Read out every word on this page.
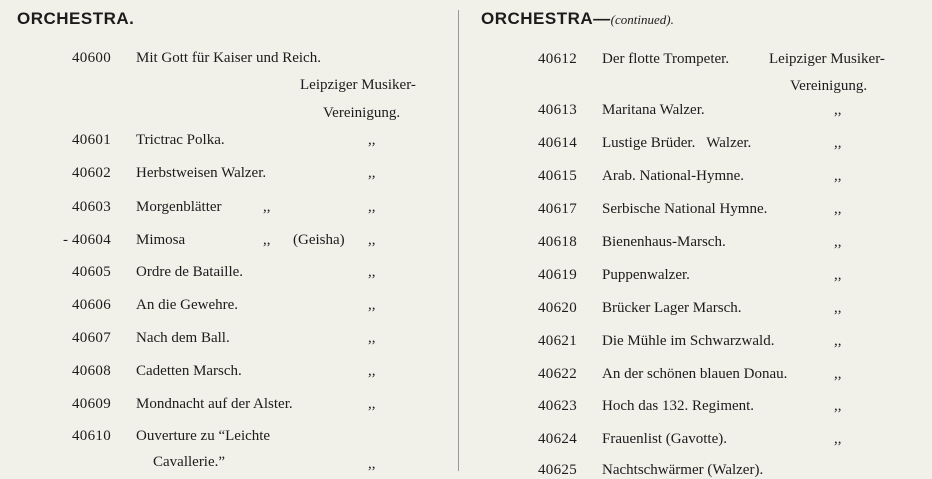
ORCHESTRA.	ORCHESTRA—(continued).
40600 Mit Gott für Kaiser und Reich.
Leipziger Musiker-
Vereinigung.
40601 Trictrac Polka.	,,
40602 Herbstweisen Walzer.	,,
40603 Morgenblätter	,,	,,
- 40604 Mimosa	,, (Geisha) ,,
40605 Ordre de Bataille.	,,
40606 An die Gewehre.	,,
40607 Nach dem Ball.	,,
40608 Cadetten Marsch.	,,
40609 Mondnacht auf der Alster.	,,
40610 Ouverture zu “Leichte
Cavallerie.”	,,
40612 Der flotte Trompeter.	Leipziger Musiker-
Vereinigung.
40613 Maritana Walzer.	,,
40614 Lustige Brüder.   Walzer.	,,
40615 Arab. National-Hymne.	,,
40617 Serbische National Hymne.	,,
40618 Bienenhaus-Marsch.	,,
40619 Puppenwalzer.	,,
40620 Brücker Lager Marsch.	,,
40621 Die Mühle im Schwarzwald.	,,
40622 An der schönen blauen Donau.	,,
40623 Hoch das 132. Regiment.	,,
40624 Frauenlist (Gavotte).	,,
40625 Nachtschwärmer (Walzer).
